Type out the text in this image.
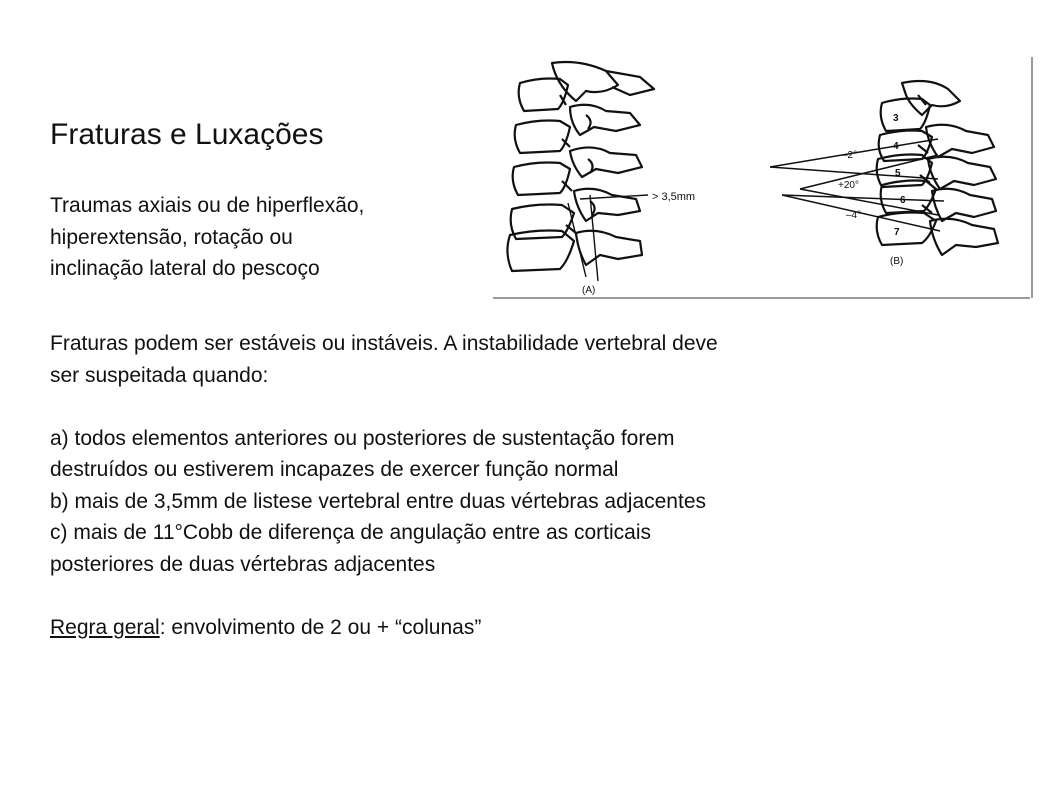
Fraturas e Luxações
Traumas axiais ou de hiperflexão,
hiperextensão, rotação ou
inclinação lateral do pescoço
> 3,5mm
(A)
–2°
+20°
–4°
3
4
5
6
7
(B)
Fraturas podem ser estáveis ou instáveis. A instabilidade vertebral deve
ser suspeitada quando:
a) todos elementos anteriores ou posteriores de sustentação forem
destruídos ou estiverem incapazes de exercer função normal
b) mais de 3,5mm de listese vertebral entre duas vértebras adjacentes
c) mais de 11°Cobb de diferença de angulação entre as corticais
posteriores de duas vértebras adjacentes
Regra geral: envolvimento de 2 ou + “colunas”
